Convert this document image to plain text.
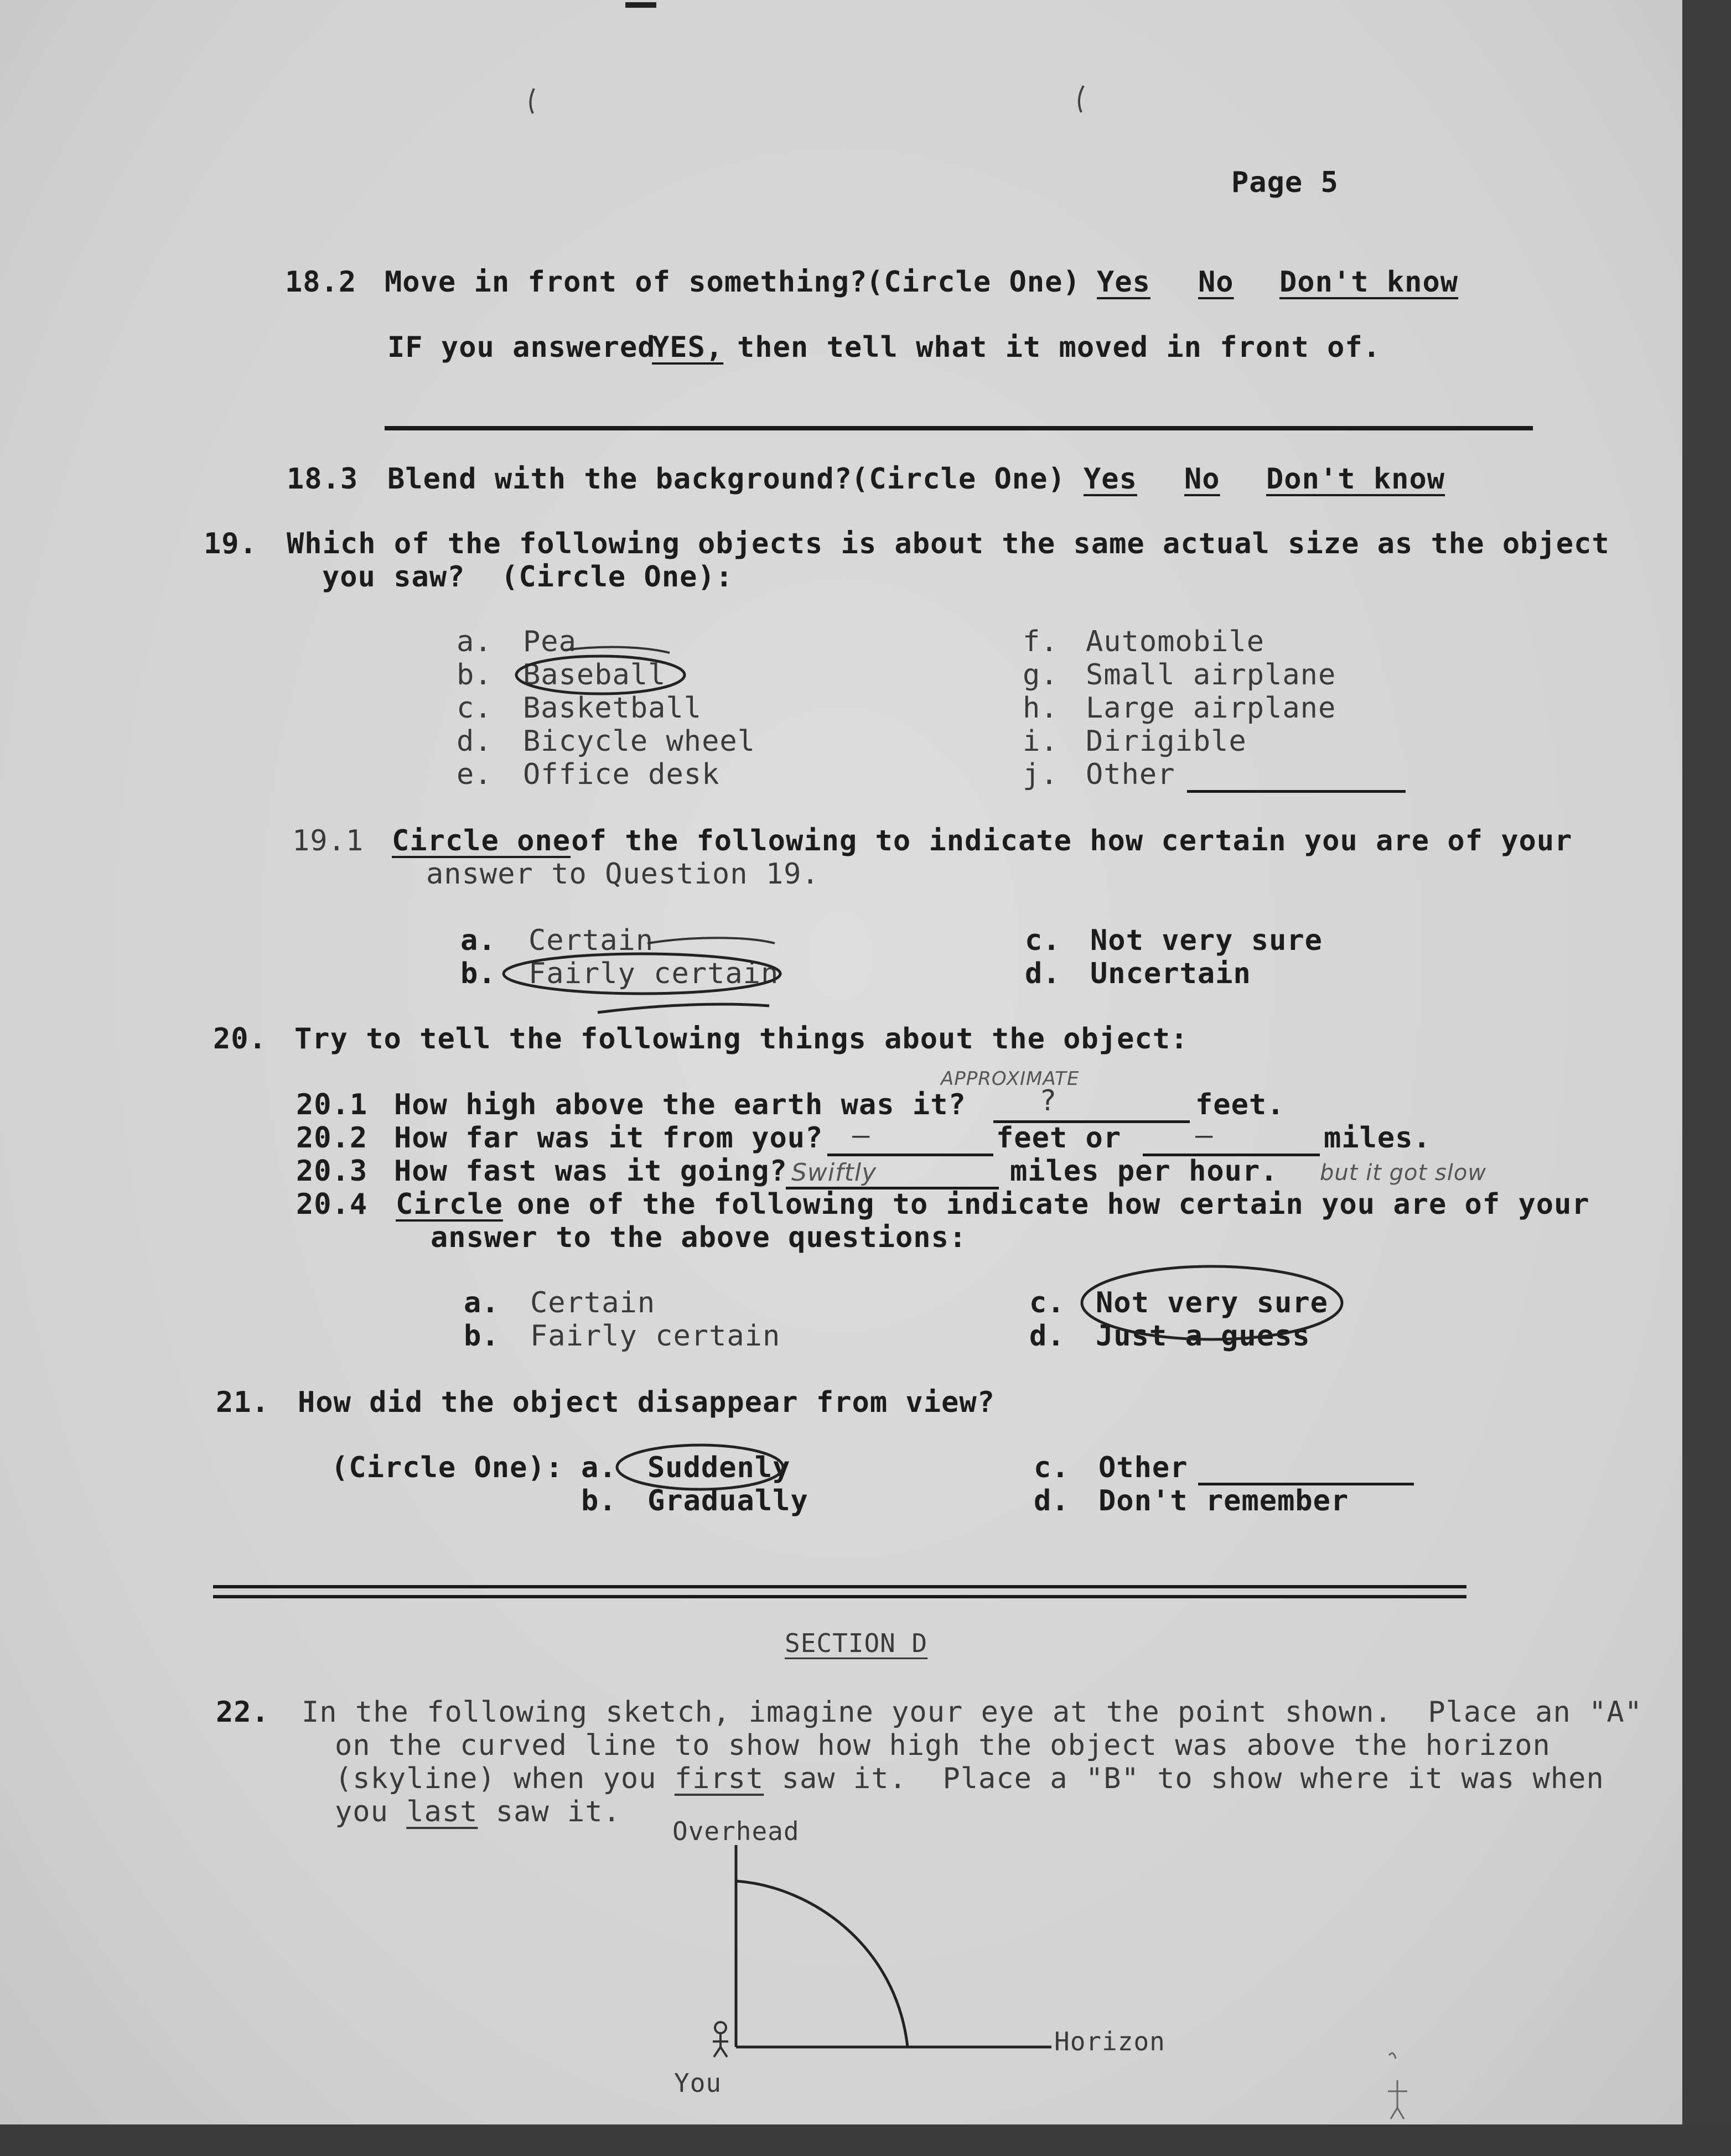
Page 5
18.2 Move in front of something?
(Circle One) Yes No Don't know
IF you answered
YES, then tell what it moved in front of.
18.3 Blend with the background?
(Circle One) Yes No Don't know
19. Which of the following objects is about the same actual size as the object
you saw?  (Circle One):
a. Pea
b. Baseball
c. Basketball
d. Bicycle wheel
e. Office desk
f. Automobile
g. Small airplane
h. Large airplane
i. Dirigible
j. Other
19.1 Circle one
of the following to indicate how certain you are of your
answer to Question 19.
a. Certain
b. Fairly certain
c. Not very sure
d. Uncertain
20. Try to tell the following things about the object:
20.1 How high above the earth was it?
APPROXIMATE
?	feet.
20.2 How far was it from you? —	feet or	—	miles.
20.3 How fast was it going? Swiftly	miles per hour. but it got slow
20.4 Circle
one of the following to indicate how certain you are of your
answer to the above questions:
a. Certain
b. Fairly certain
c. Not very sure
d. Just a guess
21. How did the object disappear from view?
(Circle One): a. Suddenly
b. Gradually
c. Other
d. Don't remember
SECTION D
22. In the following sketch, imagine your eye at the point shown.  Place an "A"
on the curved line to show how high the object was above the horizon
(skyline) when you first saw it.  Place a "B" to show where it was when
you last saw it.
Overhead
Horizon
You
